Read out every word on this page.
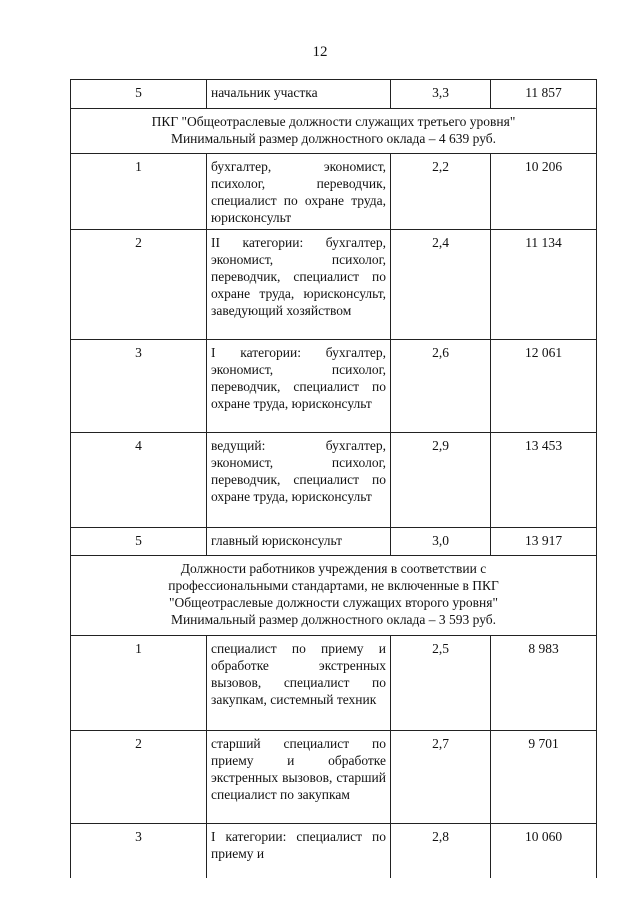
12
5	начальник участка	3,3	11 857

ПКГ "Общеотраслевые должности служащих третьего уровня"
Минимальный размер должностного оклада – 4 639 руб.			

1	бухгалтер, экономист, психолог, переводчик, специалист по охране труда, юрисконсульт	2,2	10 206
2	II категории: бухгалтер, экономист, психолог, переводчик, специалист по охране труда, юрисконсульт, заведующий хозяйством	2,4	11 134
3	I категории: бухгалтер, экономист, психолог, переводчик, специалист по охране труда, юрисконсульт	2,6	12 061
4	ведущий: бухгалтер, экономист, психолог, переводчик, специалист по охране труда, юрисконсульт	2,9	13 453
5	главный юрисконсульт	3,0	13 917

Должности работников учреждения в соответствии с
профессиональными стандартами, не включенные в ПКГ
"Общеотраслевые должности служащих второго уровня"
Минимальный размер должностного оклада – 3 593 руб.			

1	специалист по приему и обработке экстренных вызовов, специалист по закупкам, системный техник	2,5	8 983
2	старший специалист по приему и обработке экстренных вызовов, старший специалист по закупкам	2,7	9 701
3	I категории: специалист по приему и	2,8	10 060
